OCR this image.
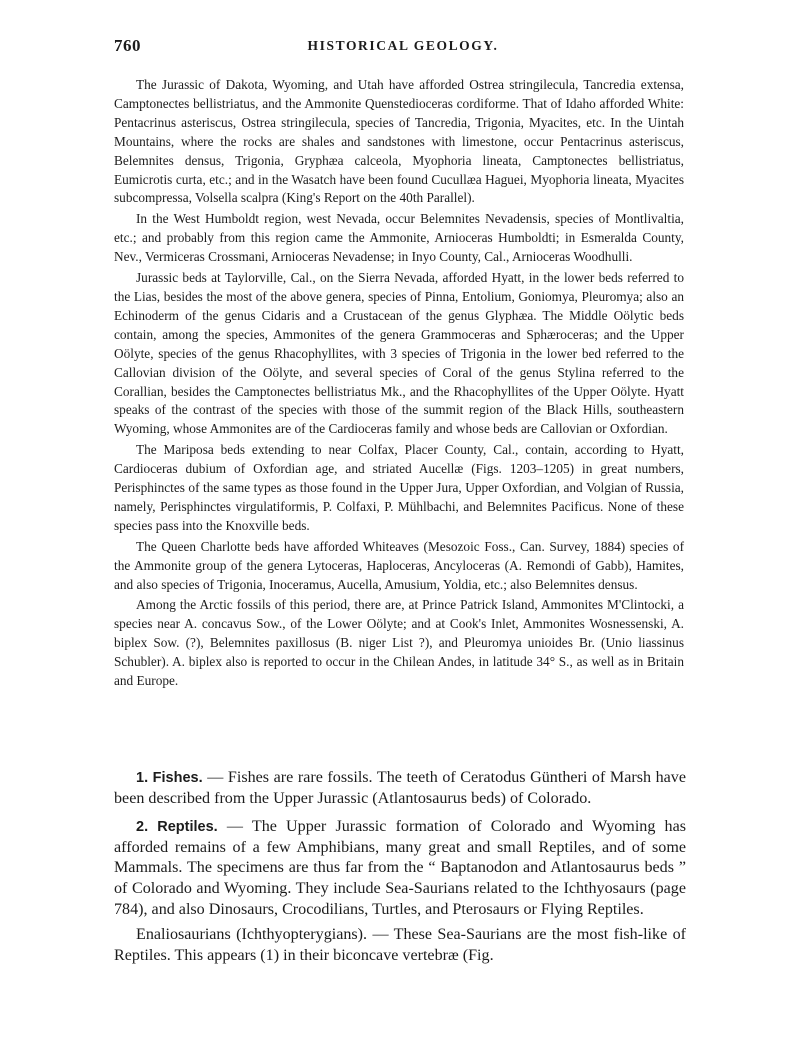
760	HISTORICAL GEOLOGY.

The Jurassic of Dakota, Wyoming, and Utah have afforded Ostrea stringilecula, Tancredia extensa, Camptonectes bellistriatus, and the Ammonite Quenstedioceras cordiforme. That of Idaho afforded White: Pentacrinus asteriscus, Ostrea stringilecula, species of Tancredia, Trigonia, Myacites, etc. In the Uintah Mountains, where the rocks are shales and sandstones with limestone, occur Pentacrinus asteriscus, Belemnites densus, Trigonia, Gryphæa calceola, Myophoria lineata, Camptonectes bellistriatus, Eumicrotis curta, etc.; and in the Wasatch have been found Cucullæa Haguei, Myophoria lineata, Myacites subcompressa, Volsella scalpra (King's Report on the 40th Parallel).

In the West Humboldt region, west Nevada, occur Belemnites Nevadensis, species of Montlivaltia, etc.; and probably from this region came the Ammonite, Arnioceras Humboldti; in Esmeralda County, Nev., Vermiceras Crossmani, Arnioceras Nevadense; in Inyo County, Cal., Arnioceras Woodhulli.

Jurassic beds at Taylorville, Cal., on the Sierra Nevada, afforded Hyatt, in the lower beds referred to the Lias, besides the most of the above genera, species of Pinna, Entolium, Goniomya, Pleuromya; also an Echinoderm of the genus Cidaris and a Crustacean of the genus Glyphæa. The Middle Oölytic beds contain, among the species, Ammonites of the genera Grammoceras and Sphæroceras; and the Upper Oölyte, species of the genus Rhacophyllites, with 3 species of Trigonia in the lower bed referred to the Callovian division of the Oölyte, and several species of Coral of the genus Stylina referred to the Corallian, besides the Camptonectes bellistriatus Mk., and the Rhacophyllites of the Upper Oölyte. Hyatt speaks of the contrast of the species with those of the summit region of the Black Hills, southeastern Wyoming, whose Ammonites are of the Cardioceras family and whose beds are Callovian or Oxfordian.

The Mariposa beds extending to near Colfax, Placer County, Cal., contain, according to Hyatt, Cardioceras dubium of Oxfordian age, and striated Aucellæ (Figs. 1203–1205) in great numbers, Perisphinctes of the same types as those found in the Upper Jura, Upper Oxfordian, and Volgian of Russia, namely, Perisphinctes virgulatiformis, P. Colfaxi, P. Mühlbachi, and Belemnites Pacificus. None of these species pass into the Knoxville beds.

The Queen Charlotte beds have afforded Whiteaves (Mesozoic Foss., Can. Survey, 1884) species of the Ammonite group of the genera Lytoceras, Haploceras, Ancyloceras (A. Remondi of Gabb), Hamites, and also species of Trigonia, Inoceramus, Aucella, Amusium, Yoldia, etc.; also Belemnites densus.

Among the Arctic fossils of this period, there are, at Prince Patrick Island, Ammonites M'Clintocki, a species near A. concavus Sow., of the Lower Oölyte; and at Cook's Inlet, Ammonites Wosnessenski, A. biplex Sow. (?), Belemnites paxillosus (B. niger List ?), and Pleuromya unioides Br. (Unio liassinus Schubler). A. biplex also is reported to occur in the Chilean Andes, in latitude 34° S., as well as in Britain and Europe.

1. Fishes. — Fishes are rare fossils. The teeth of Ceratodus Güntheri of Marsh have been described from the Upper Jurassic (Atlantosaurus beds) of Colorado.

2. Reptiles. — The Upper Jurassic formation of Colorado and Wyoming has afforded remains of a few Amphibians, many great and small Reptiles, and of some Mammals. The specimens are thus far from the “ Baptanodon and Atlantosaurus beds ” of Colorado and Wyoming. They include Sea-Saurians related to the Ichthyosaurs (page 784), and also Dinosaurs, Crocodilians, Turtles, and Pterosaurs or Flying Reptiles.

Enaliosaurians (Ichthyopterygians). — These Sea-Saurians are the most fish-like of Reptiles. This appears (1) in their biconcave vertebræ (Fig.
